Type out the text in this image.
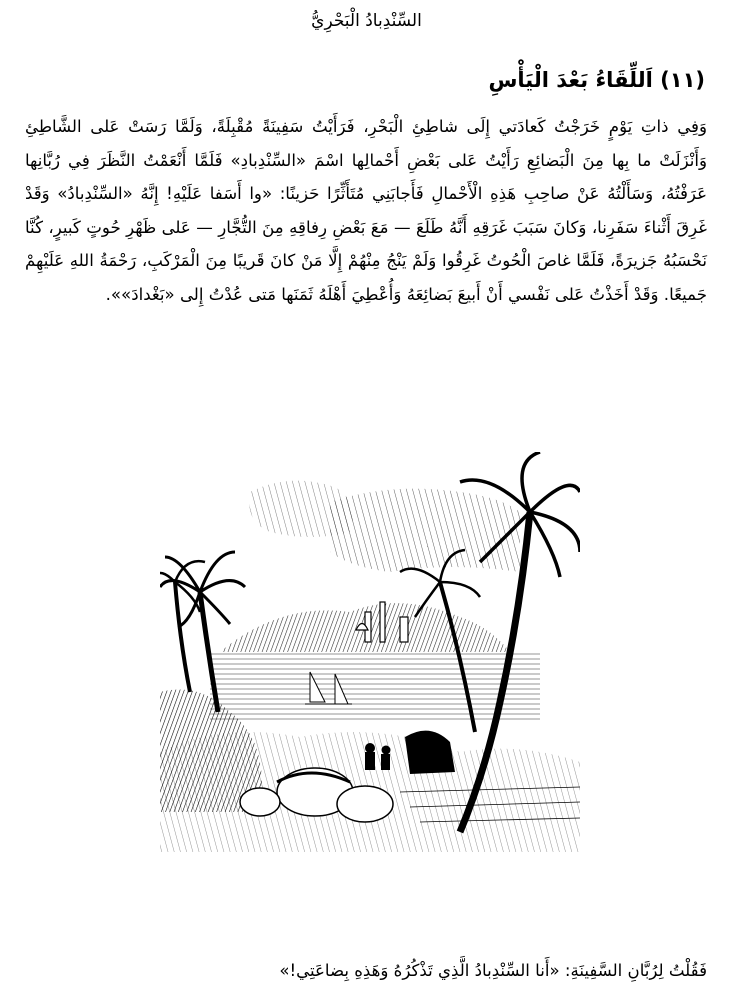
السِّنْدِبادُ الْبَحْرِيُّ
(١١) اَللِّقَاءُ بَعْدَ الْيَأْسِ

وَفِي ذاتِ يَوْمٍ خَرَجْتُ كَعادَتي إِلَى شاطِئِ الْبَحْرِ، فَرَأَيْتُ سَفِينَةً مُقْبِلَةً، وَلَمَّا رَسَتْ عَلى الشَّاطِئِ وَأَنْزَلَتْ ما بِها مِنَ الْبَضائِعِ رَأَيْتُ عَلى بَعْضِ أَحْمالِها اسْمَ «السِّنْدِبادِ» فَلَمَّا أَنْعَمْتُ النَّظَرَ فِي رُبَّانِها عَرَفْتُهُ، وَسَأَلْتُهُ عَنْ صاحِبِ هَذِهِ الْأَحْمالِ فَأَجابَنِي مُتَأَثِّرًا حَزينًا: «وا أَسَفا عَلَيْهِ! إِنَّهُ «السِّنْدِبادُ» وَقَدْ غَرِقَ أَثْناءَ سَفَرِنا، وَكانَ سَبَبَ غَرَقِهِ أَنَّهُ طَلَعَ — مَعَ بَعْضِ رِفاقِهِ مِنَ التُّجَّارِ — عَلى ظَهْرِ حُوتٍ كَبيرٍ، كُنَّا نَحْسَبُهُ جَزيرَةً، فَلَمَّا غاصَ الْحُوتُ غَرِقُوا وَلَمْ يَنْجُ مِنْهُمْ إِلَّا مَنْ كانَ قَريبًا مِنَ الْمَرْكَبِ، رَحْمَةُ اللهِ عَلَيْهِمْ جَميعًا. وَقَدْ أَخَذْتُ عَلى نَفْسي أَنْ أَبيعَ بَضائِعَهُ وَأُعْطِيَ أَهْلَهُ ثَمَنَها مَتى عُدْتُ إِلى «بَغْدادَ»».

فَقُلْتُ لِرُبَّانِ السَّفِينَةِ: «أَنا السِّنْدِبادُ الَّذِي تَذْكُرُهُ وَهَذِهِ بِضاعَتِي!»
